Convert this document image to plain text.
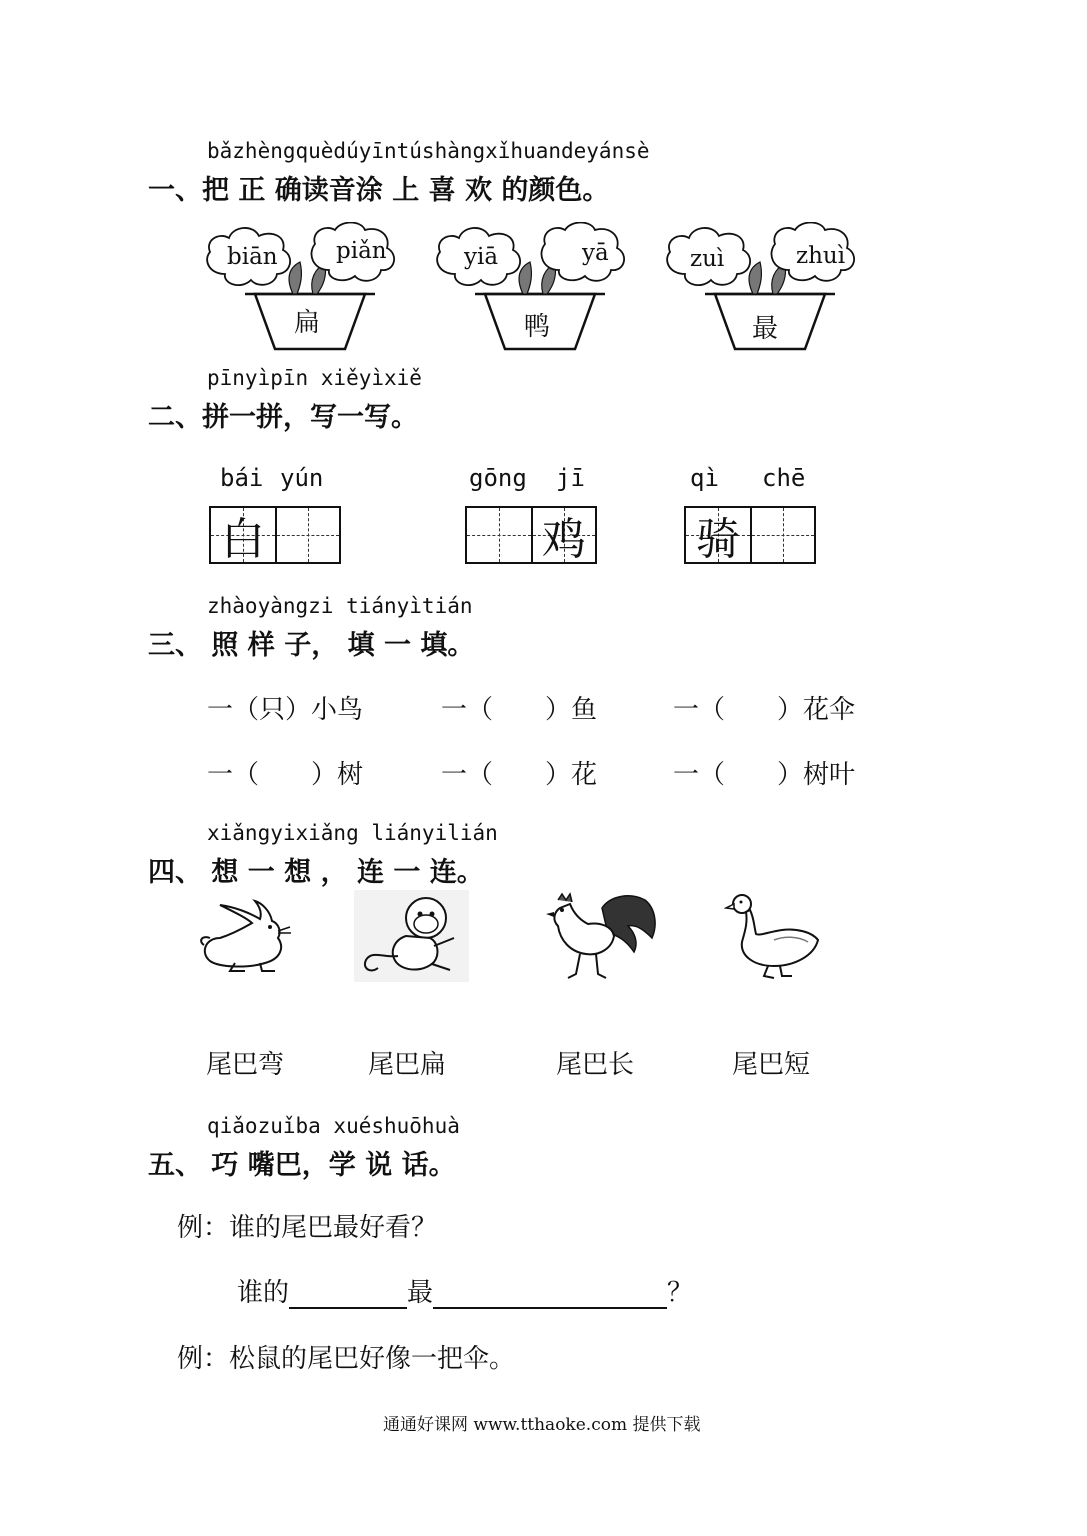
bǎzhèngquèdúyīntúshàngxǐhuandeyánsè
一、把 正 确读音涂 上 喜 欢 的颜色。
biān	piǎn
扁
yiā	yā
鸭
zuì	zhuì
最
pīnyìpīn xiěyìxiě
二、拼一拼，写一写。
bái yún
白
gōng jī
鸡
qì chē
骑
zhàoyàngzi tiányìtián
三、 照 样 子， 填 一 填。
一（只）小鸟	一（　　）鱼	一（　　）花伞
一（　　）树	一（　　）花	一（　　）树叶
xiǎngyixiǎng liányilián
四、 想 一 想 ， 连 一 连。
尾巴弯	尾巴扁	尾巴长	尾巴短
qiǎozuǐba xuéshuōhuà
五、 巧 嘴巴，学 说 话。
例：谁的尾巴最好看？
谁的	最	？
例：松鼠的尾巴好像一把伞。
通通好课网 www.tthaoke.com 提供下载
